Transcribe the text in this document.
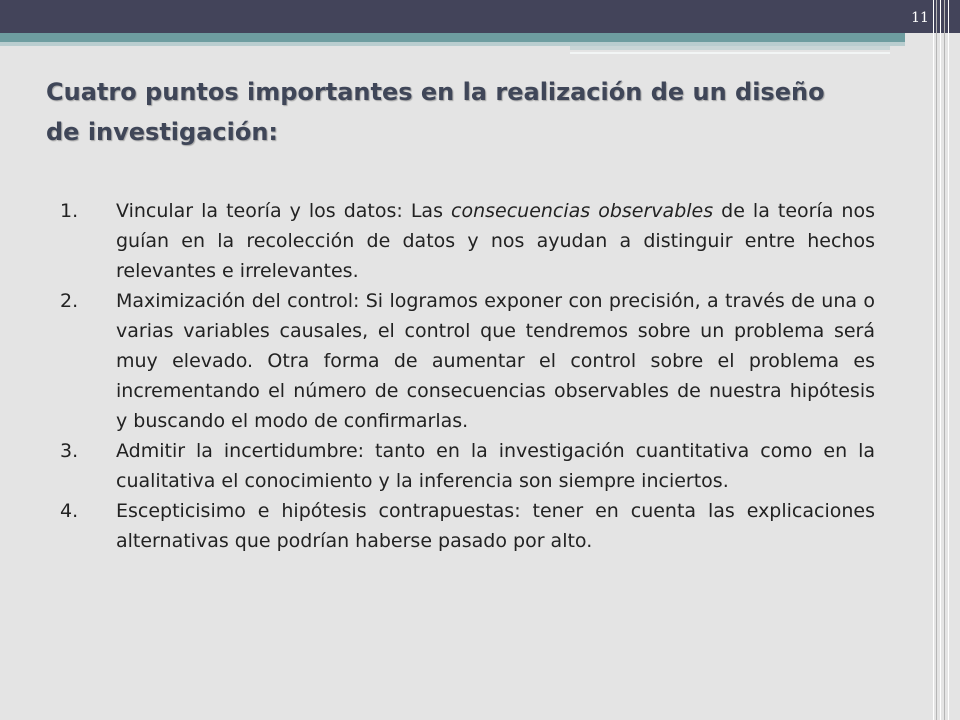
11
Cuatro puntos importantes en la realización de un diseño de investigación:
1.	Vincular la teoría y los datos: Las consecuencias observables de la teoría nos guían en la recolección de datos y nos ayudan a distinguir entre hechos relevantes e irrelevantes.
2.	Maximización del control: Si logramos exponer con precisión, a través de una o varias variables causales, el control que tendremos sobre un problema será muy elevado. Otra forma de aumentar el control sobre el problema es incrementando el número de consecuencias observables de nuestra hipótesis y buscando el modo de confirmarlas.
3.	Admitir la incertidumbre: tanto en la investigación cuantitativa como en la cualitativa el conocimiento y la inferencia son siempre inciertos.
4.	Escepticisimo e hipótesis contrapuestas: tener en cuenta las explicaciones alternativas que podrían haberse pasado por alto.
